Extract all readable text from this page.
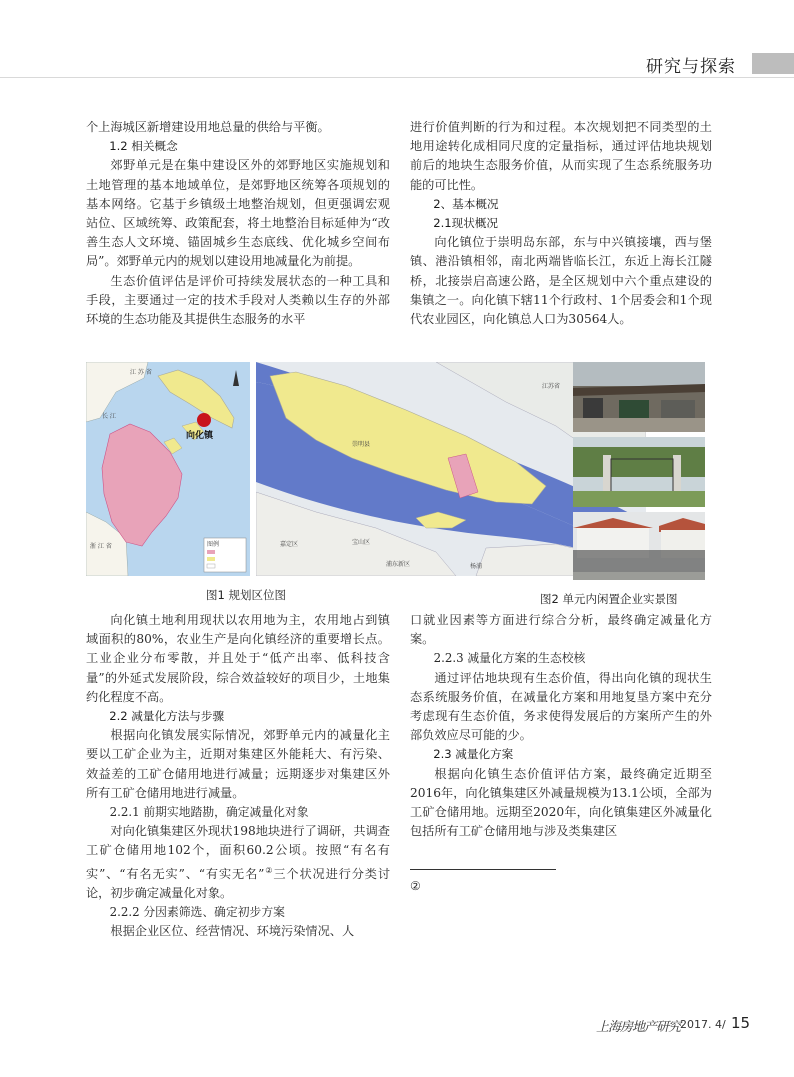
研究与探索

个上海城区新增建设用地总量的供给与平衡。

1.2 相关概念

郊野单元是在集中建设区外的郊野地区实施规划和土地管理的基本地域单位，是郊野地区统筹各项规划的基本网络。它基于乡镇级土地整治规划，但更强调宏观站位、区域统筹、政策配套，将土地整治目标延伸为“改善生态人文环境、锚固城乡生态底线、优化城乡空间布局”。郊野单元内的规划以建设用地减量化为前提。

生态价值评估是评价可持续发展状态的一种工具和手段，主要通过一定的技术手段对人类赖以生存的外部环境的生态功能及其提供生态服务的水平

进行价值判断的行为和过程。本次规划把不同类型的土地用途转化成相同尺度的定量指标，通过评估地块规划前后的地块生态服务价值，从而实现了生态系统服务功能的可比性。

2、基本概况

2.1现状概况

向化镇位于崇明岛东部，东与中兴镇接壤，西与堡镇、港沿镇相邻，南北两端皆临长江，东近上海长江隧桥，北接崇启高速公路，是全区规划中六个重点建设的集镇之一。向化镇下辖11个行政村、1个居委会和1个现代农业园区，向化镇总人口为30564人。

江 苏 省
长 江
浙 江 省
向化镇
图例
江苏省
崇明县
嘉定区	宝山区
浦东新区	杨浦
图1 规划区位图	图2 单元内闲置企业实景图

向化镇土地利用现状以农用地为主，农用地占到镇域面积的80%，农业生产是向化镇经济的重要增长点。工业企业分布零散，并且处于“低产出率、低科技含量”的外延式发展阶段，综合效益较好的项目少，土地集约化程度不高。

2.2 减量化方法与步骤

根据向化镇发展实际情况，郊野单元内的减量化主要以工矿企业为主，近期对集建区外能耗大、有污染、效益差的工矿仓储用地进行减量；远期逐步对集建区外所有工矿仓储用地进行减量。

2.2.1 前期实地踏勘，确定减量化对象

对向化镇集建区外现状198地块进行了调研，共调查工矿仓储用地102个，面积60.2公顷。按照“有名有实”、“有名无实”、“有实无名”②三个状况进行分类讨论，初步确定减量化对象。

2.2.2 分因素筛选、确定初步方案

根据企业区位、经营情况、环境污染情况、人

口就业因素等方面进行综合分析，最终确定减量化方案。

2.2.3 减量化方案的生态校核

通过评估地块现有生态价值，得出向化镇的现状生态系统服务价值，在减量化方案和用地复垦方案中充分考虑现有生态价值，务求使得发展后的方案所产生的外部负效应尽可能的少。

2.3 减量化方案

根据向化镇生态价值评估方案，最终确定近期至2016年，向化镇集建区外减量规模为13.1公顷，全部为工矿仓储用地。远期至2020年，向化镇集建区外减量化包括所有工矿仓储用地与涉及类集建区

②
上海房地产研究 2017. 4/ 15
